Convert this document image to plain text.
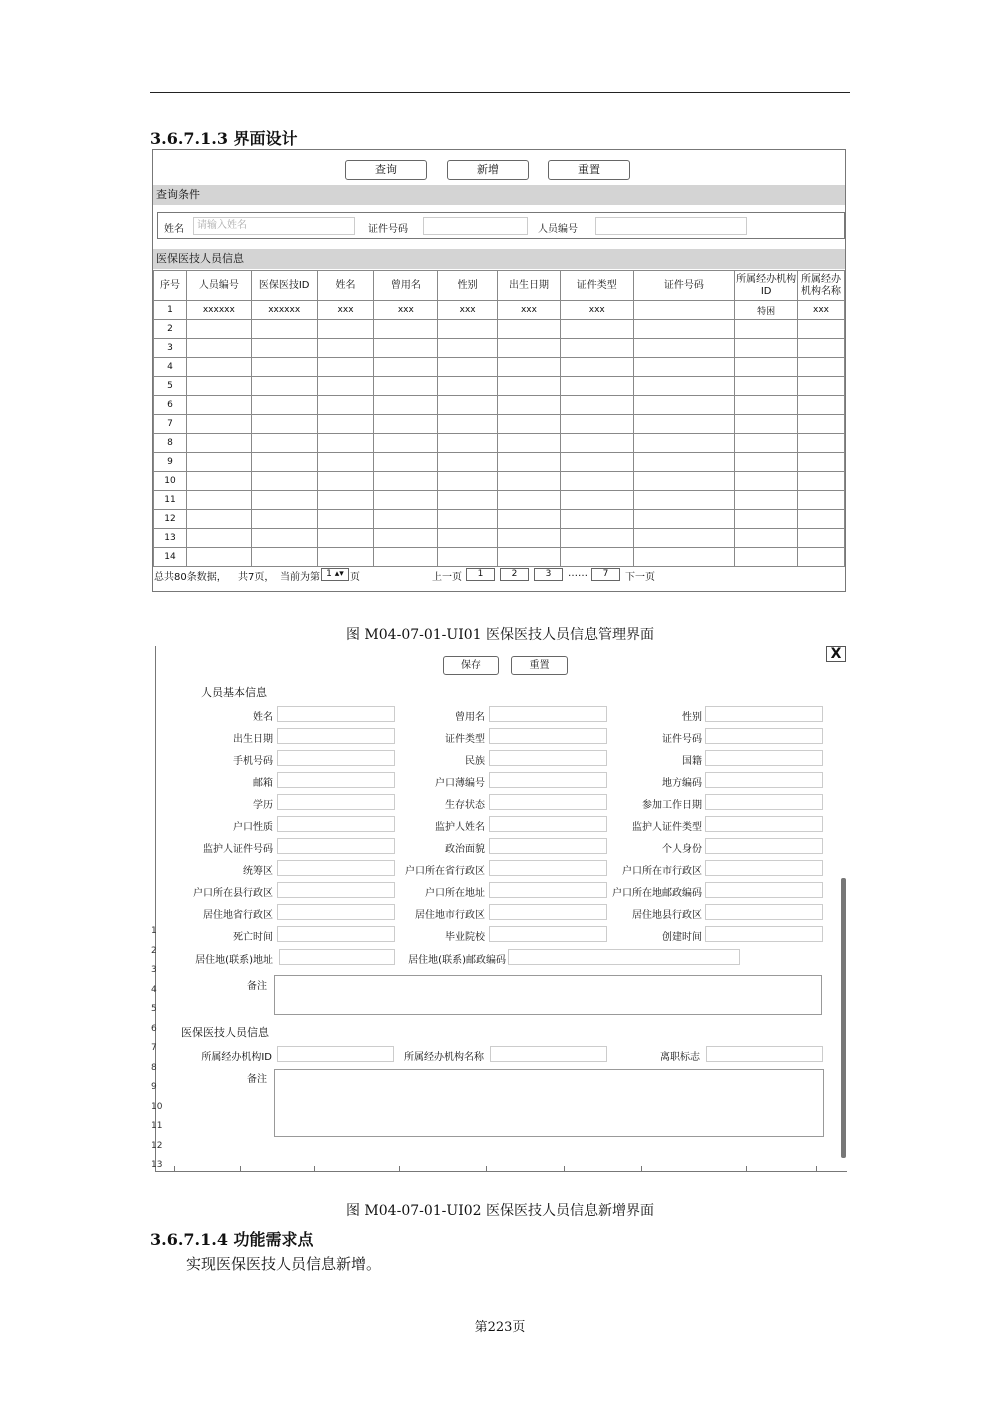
3.6.7.1.3 界面设计
查询	新增	重置
查询条件
姓名	请输入姓名	证件号码	人员编号
医保医技人员信息
序号	人员编号	医保医技ID	姓名	曾用名	性别	出生日期	证件类型	证件号码	所属经办机构ID	所属经办机构名称
1	xxxxxx	xxxxxx	xxx	xxx	xxx	xxx	xxx		特困	xxx
2										
3										
4										
5										
6										
7										
8										
9										
10										
11										
12										
13										
14										
总共80条数据， 共7页， 当前为第 1 ▴▾ 页	上一页	1	2	3	……	7	下一页
图 M04-07-01-UI01 医保医技人员信息管理界面
保存	重置
X
人员基本信息
姓名	曾用名	性别
出生日期	证件类型	证件号码
手机号码	民族	国籍
邮箱	户口薄编号	地方编码
学历	生存状态	参加工作日期
户口性质	监护人姓名	监护人证件类型
监护人证件号码	政治面貌	个人身份
统筹区	户口所在省行政区	户口所在市行政区
户口所在县行政区	户口所在地址	户口所在地邮政编码
居住地省行政区	居住地市行政区	居住地县行政区
死亡时间	毕业院校	创建时间
居住地(联系)地址	居住地(联系)邮政编码
备注
医保医技人员信息
所属经办机构ID	所属经办机构名称	离职标志
备注
1
2
3
4
5
6
7
8
9
10
11
12
13
图 M04-07-01-UI02 医保医技人员信息新增界面
3.6.7.1.4 功能需求点
实现医保医技人员信息新增。
第223页
